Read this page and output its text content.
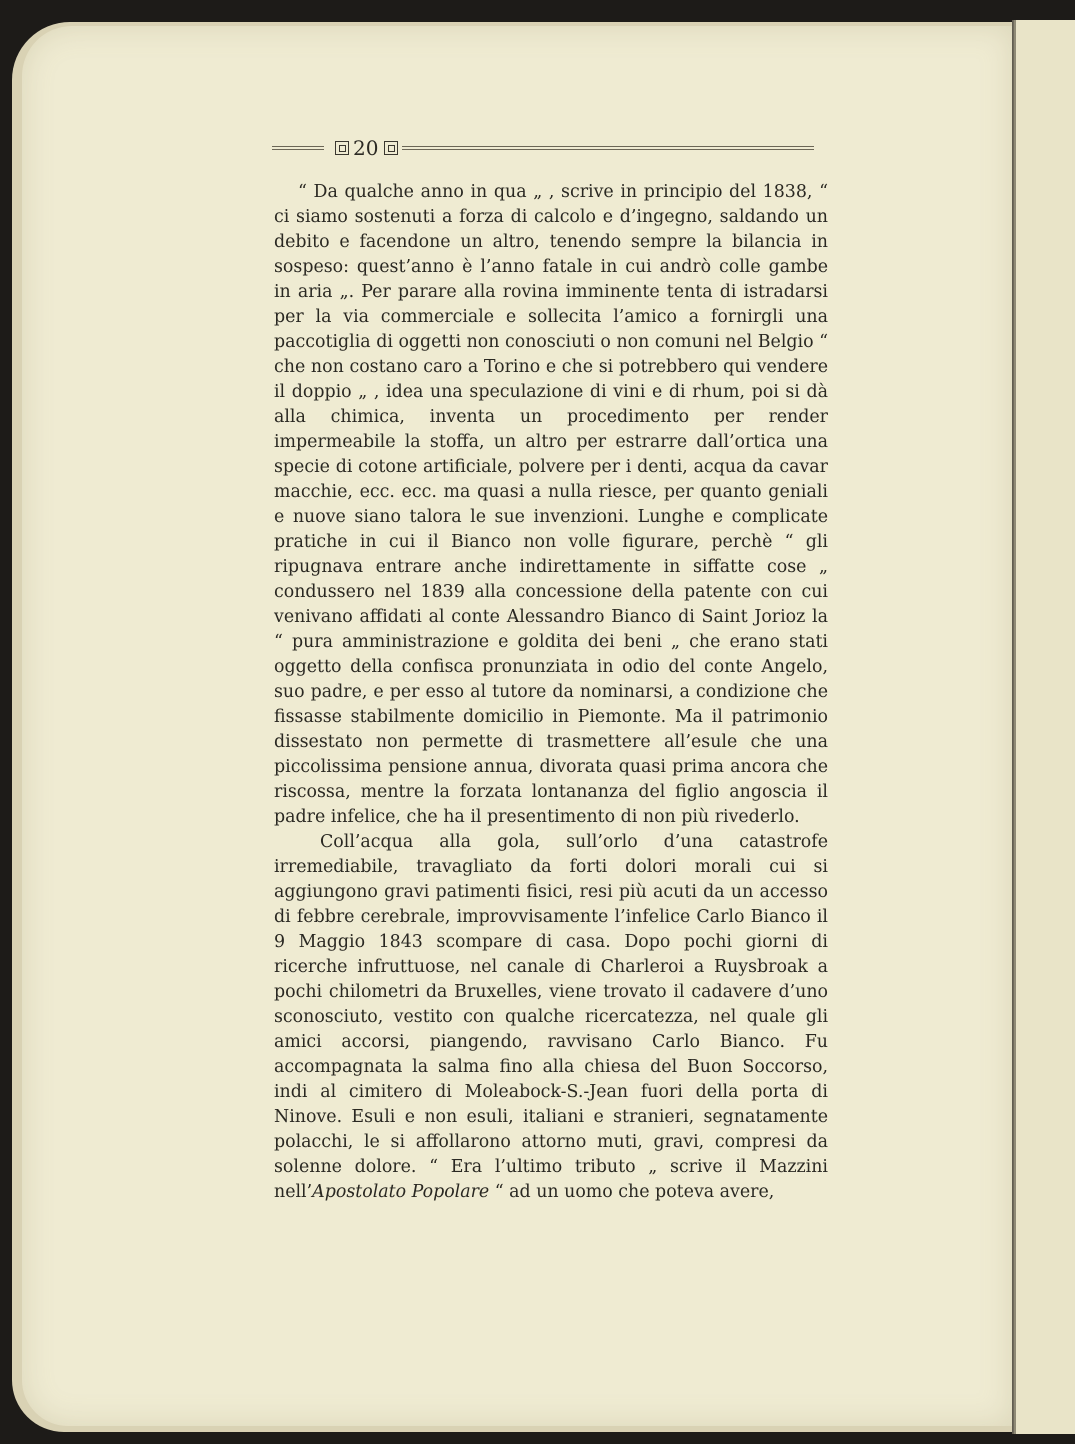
20

“ Da qualche anno in qua „ , scrive in principio del 1838, “ ci siamo sostenuti a forza di calcolo e d’ingegno, saldando un debito e facendone un altro, tenendo sempre la bilancia in sospeso: quest’anno è l’anno fatale in cui andrò colle gambe in aria „. Per parare alla rovina imminente tenta di istradarsi per la via commerciale e sollecita l’amico a fornirgli una paccotiglia di oggetti non conosciuti o non comuni nel Belgio “ che non costano caro a Torino e che si potrebbero qui vendere il doppio „ , idea una speculazione di vini e di rhum, poi si dà alla chimica, inventa un procedimento per render impermeabile la stoffa, un altro per estrarre dall’ortica una specie di cotone artificiale, polvere per i denti, acqua da cavar macchie, ecc. ecc. ma quasi a nulla riesce, per quanto geniali e nuove siano talora le sue invenzioni. Lunghe e complicate pratiche in cui il Bianco non volle figurare, perchè “ gli ripugnava entrare anche indirettamente in siffatte cose „ condussero nel 1839 alla concessione della patente con cui venivano affidati al conte Alessandro Bianco di Saint Jorioz la “ pura amministrazione e goldita dei beni „ che erano stati oggetto della confisca pronunziata in odio del conte Angelo, suo padre, e per esso al tutore da nominarsi, a condizione che fissasse stabilmente domicilio in Piemonte. Ma il patrimonio dissestato non permette di trasmettere all’esule che una piccolissima pensione annua, divorata quasi prima ancora che riscossa, mentre la forzata lontananza del figlio angoscia il padre infelice, che ha il presentimento di non più rivederlo.

Coll’acqua alla gola, sull’orlo d’una catastrofe irremediabile, travagliato da forti dolori morali cui si aggiungono gravi patimenti fisici, resi più acuti da un accesso di febbre cerebrale, improvvisamente l’infelice Carlo Bianco il 9 Maggio 1843 scompare di casa. Dopo pochi giorni di ricerche infruttuose, nel canale di Charleroi a Ruysbroak a pochi chilometri da Bruxelles, viene trovato il cadavere d’uno sconosciuto, vestito con qualche ricercatezza, nel quale gli amici accorsi, piangendo, ravvisano Carlo Bianco. Fu accompagnata la salma fino alla chiesa del Buon Soccorso, indi al cimitero di Moleabock-S.-Jean fuori della porta di Ninove. Esuli e non esuli, italiani e stranieri, segnatamente polacchi, le si affollarono attorno muti, gravi, compresi da solenne dolore. “ Era l’ultimo tributo „ scrive il Mazzini nell’Apostolato Popolare “ ad un uomo che poteva avere,
